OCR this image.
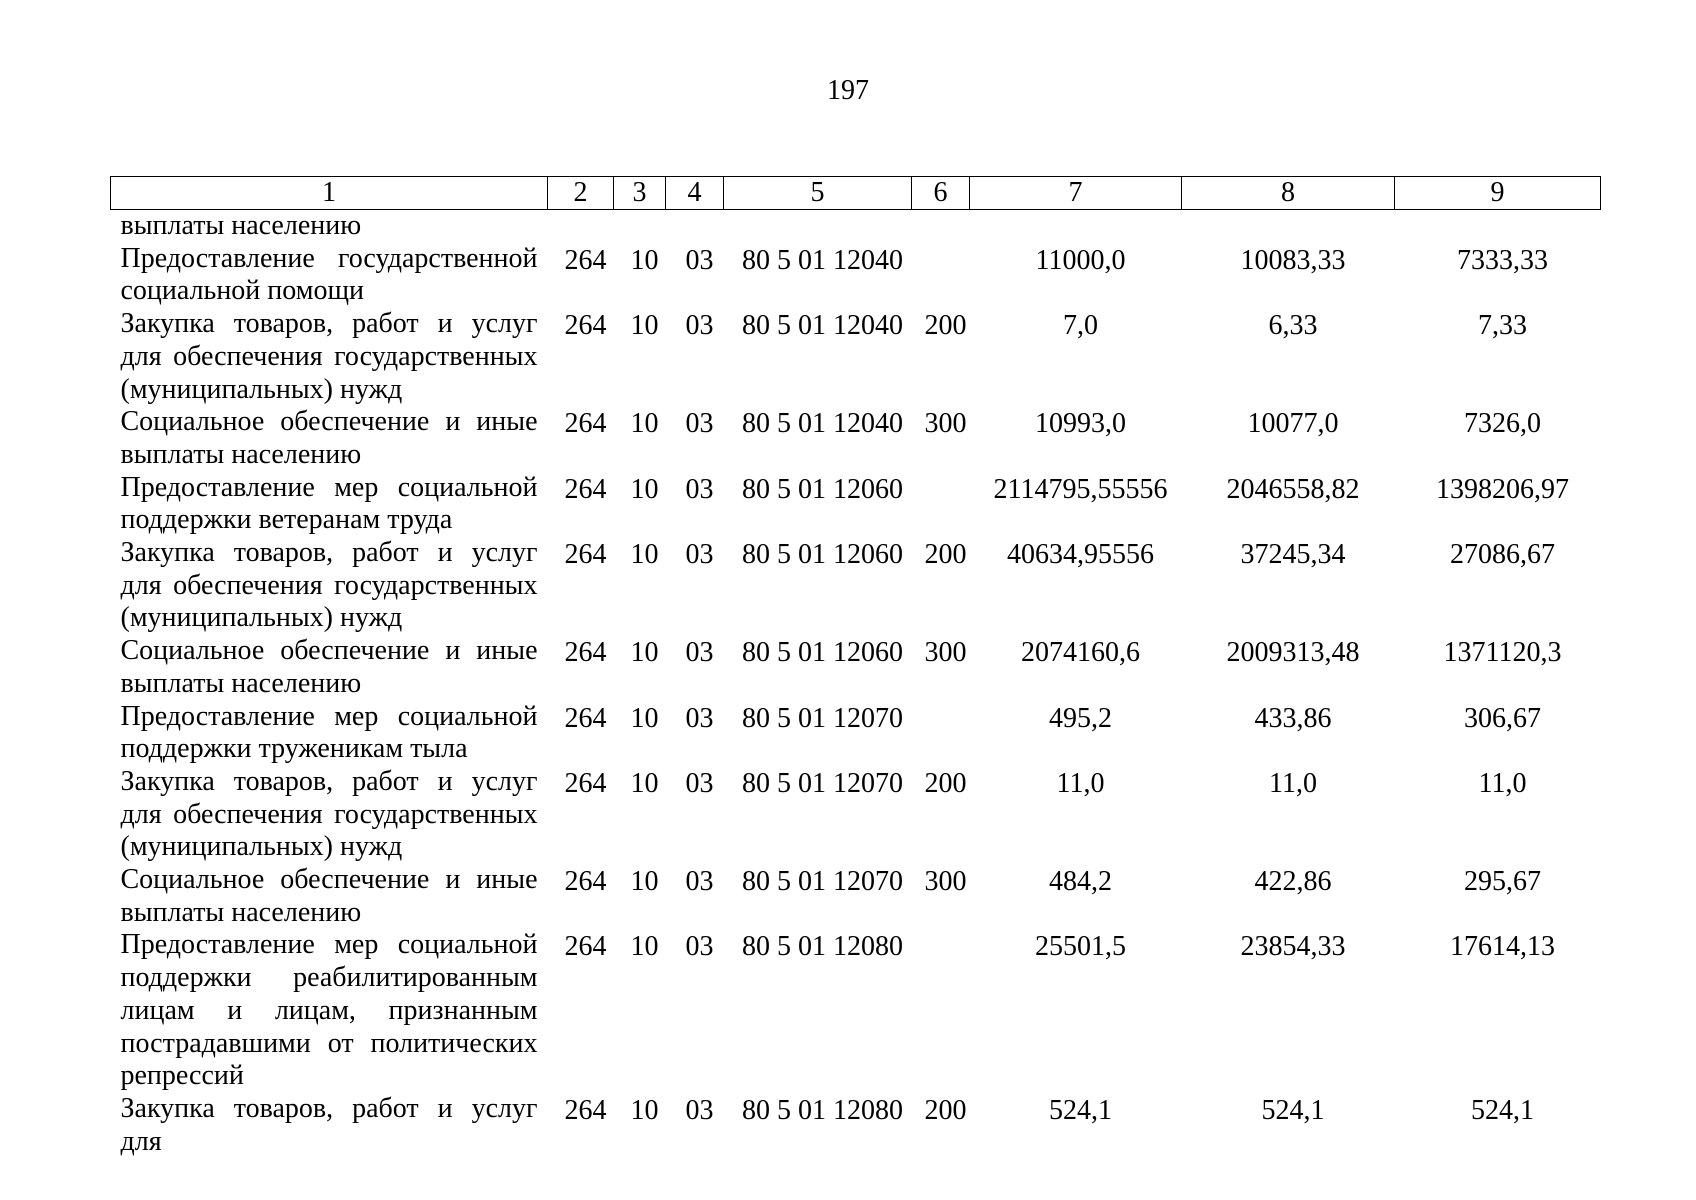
197
1	2	3	4	5	6	7	8	9
выплаты населению								
Предоставление государственной социальной помощи	264	10	03	80 5 01 12040		11000,0	10083,33	7333,33
Закупка товаров, работ и услуг для обеспечения государственных (муниципальных) нужд	264	10	03	80 5 01 12040	200	7,0	6,33	7,33
Социальное обеспечение и иные выплаты населению	264	10	03	80 5 01 12040	300	10993,0	10077,0	7326,0
Предоставление мер социальной поддержки ветеранам труда	264	10	03	80 5 01 12060		2114795,55556	2046558,82	1398206,97
Закупка товаров, работ и услуг для обеспечения государственных (муниципальных) нужд	264	10	03	80 5 01 12060	200	40634,95556	37245,34	27086,67
Социальное обеспечение и иные выплаты населению	264	10	03	80 5 01 12060	300	2074160,6	2009313,48	1371120,3
Предоставление мер социальной поддержки труженикам тыла	264	10	03	80 5 01 12070		495,2	433,86	306,67
Закупка товаров, работ и услуг для обеспечения государственных (муниципальных) нужд	264	10	03	80 5 01 12070	200	11,0	11,0	11,0
Социальное обеспечение и иные выплаты населению	264	10	03	80 5 01 12070	300	484,2	422,86	295,67
Предоставление мер социальной поддержки реабилитированным лицам и лицам, признанным пострадавшими от политических репрессий	264	10	03	80 5 01 12080		25501,5	23854,33	17614,13
Закупка товаров, работ и услуг для	264	10	03	80 5 01 12080	200	524,1	524,1	524,1
